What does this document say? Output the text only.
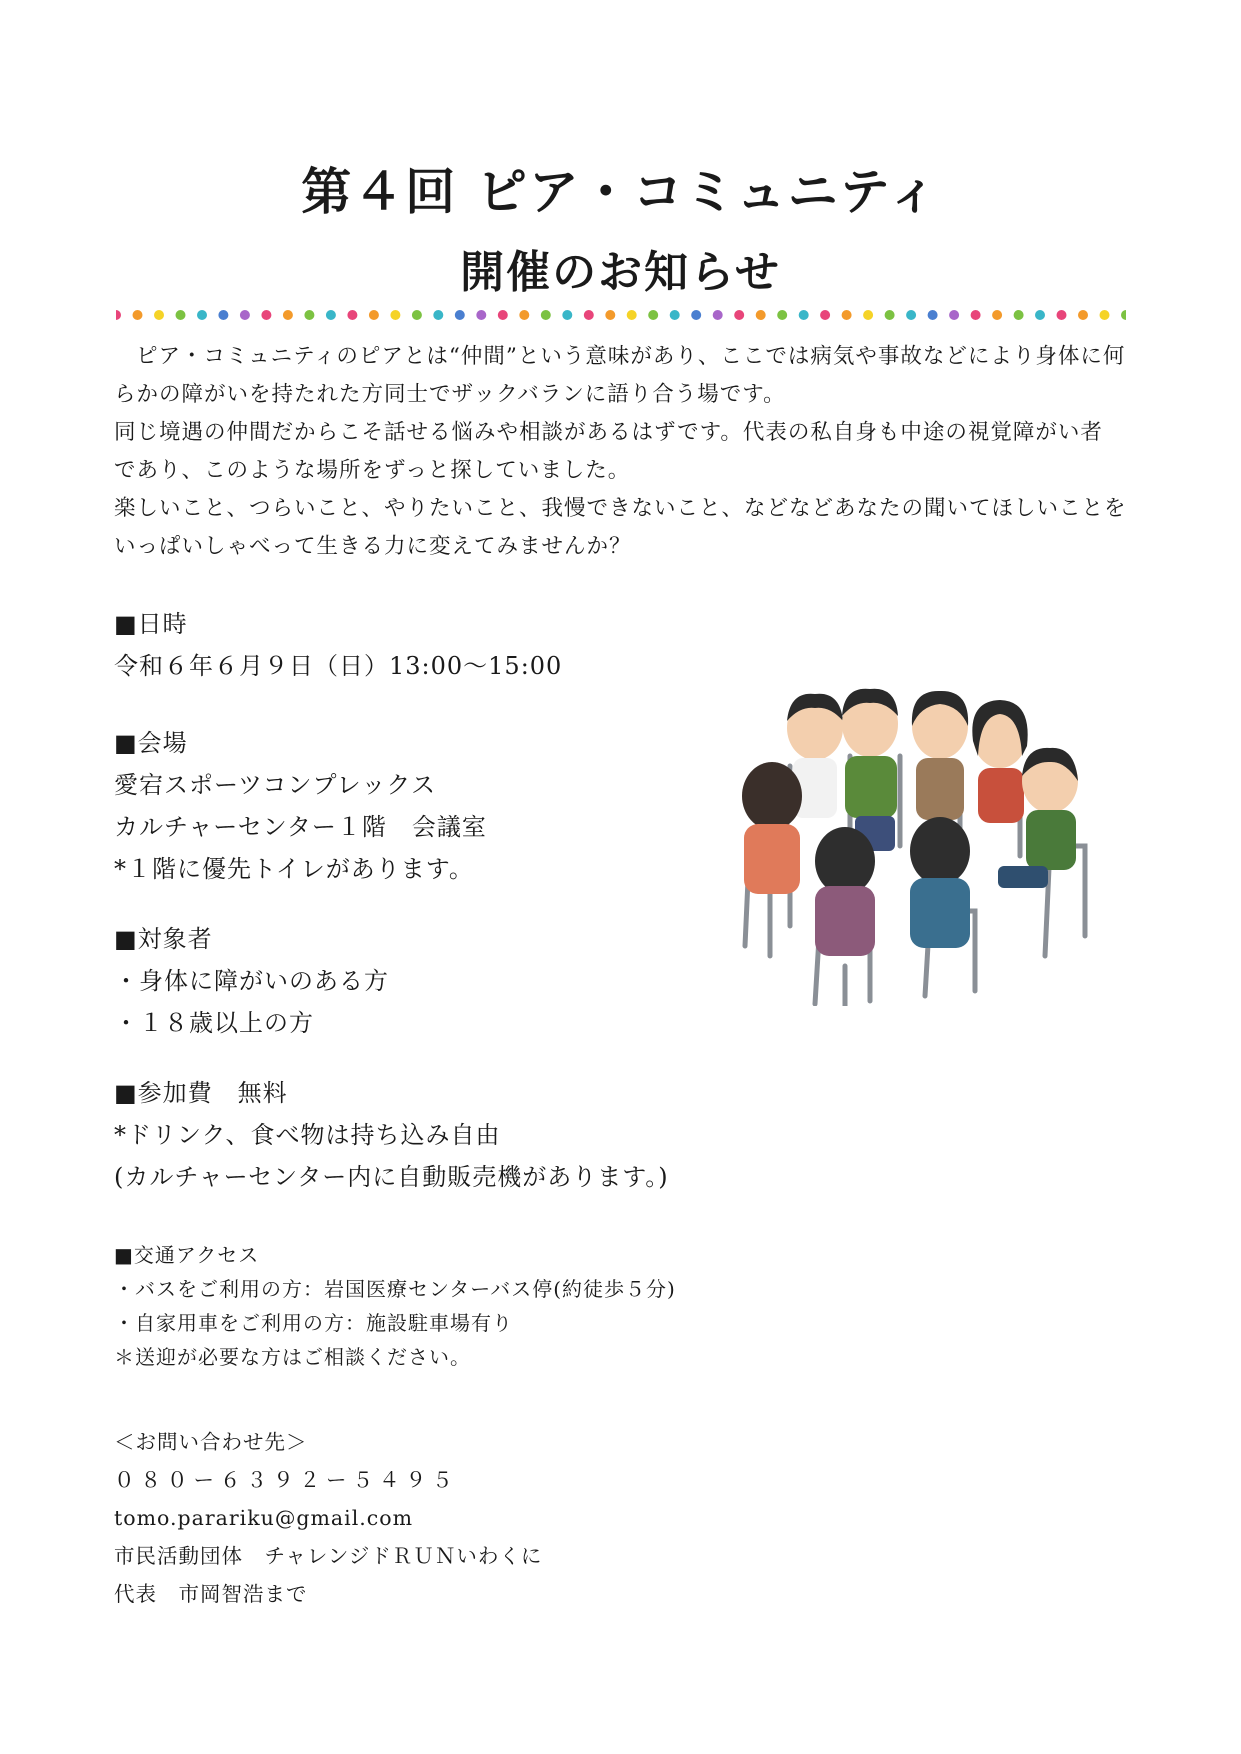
第４回 ピア・コミュニティ
開催のお知らせ

ピア・コミュニティのピアとは“仲間”という意味があり、ここでは病気や事故などにより身体に何

らかの障がいを持たれた方同士でザックバランに語り合う場です。

同じ境遇の仲間だからこそ話せる悩みや相談があるはずです。代表の私自身も中途の視覚障がい者

であり、このような場所をずっと探していました。

楽しいこと、つらいこと、やりたいこと、我慢できないこと、などなどあなたの聞いてほしいことを

いっぱいしゃべって生きる力に変えてみませんか？

■日時

令和６年６月９日（日）13:00～15:00

■会場

愛宕スポーツコンプレックス

カルチャーセンター１階　会議室

*１階に優先トイレがあります。

■対象者

・身体に障がいのある方

・１８歳以上の方

■参加費　無料

*ドリンク、食べ物は持ち込み自由

(カルチャーセンター内に自動販売機があります。)

■交通アクセス

・バスをご利用の方：岩国医療センターバス停(約徒歩５分)

・自家用車をご利用の方：施設駐車場有り

＊送迎が必要な方はご相談ください。

＜お問い合わせ先＞

０８０ー６３９２ー５４９５

tomo.parariku@gmail.com

市民活動団体　チャレンジドＲＵＮいわくに

代表　市岡智浩まで
